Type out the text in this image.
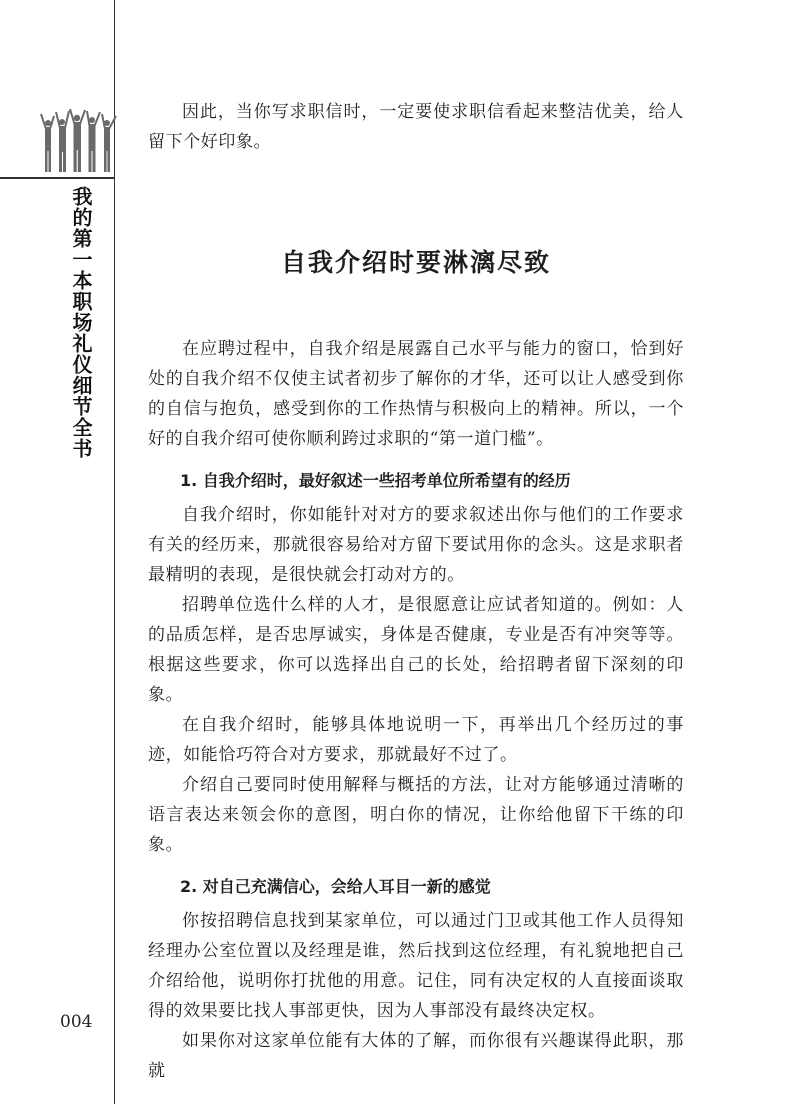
我的第一本职场礼仪细节全书
004

因此，当你写求职信时，一定要使求职信看起来整洁优美，给人留下个好印象。

自我介绍时要淋漓尽致

在应聘过程中，自我介绍是展露自己水平与能力的窗口，恰到好处的自我介绍不仅使主试者初步了解你的才华，还可以让人感受到你的自信与抱负，感受到你的工作热情与积极向上的精神。所以，一个好的自我介绍可使你顺利跨过求职的“第一道门槛”。

1. 自我介绍时，最好叙述一些招考单位所希望有的经历

自我介绍时，你如能针对对方的要求叙述出你与他们的工作要求有关的经历来，那就很容易给对方留下要试用你的念头。这是求职者最精明的表现，是很快就会打动对方的。

招聘单位选什么样的人才，是很愿意让应试者知道的。例如：人的品质怎样，是否忠厚诚实，身体是否健康，专业是否有冲突等等。根据这些要求，你可以选择出自己的长处，给招聘者留下深刻的印象。

在自我介绍时，能够具体地说明一下，再举出几个经历过的事迹，如能恰巧符合对方要求，那就最好不过了。

介绍自己要同时使用解释与概括的方法，让对方能够通过清晰的语言表达来领会你的意图，明白你的情况，让你给他留下干练的印象。

2. 对自己充满信心，会给人耳目一新的感觉

你按招聘信息找到某家单位，可以通过门卫或其他工作人员得知经理办公室位置以及经理是谁，然后找到这位经理，有礼貌地把自己介绍给他，说明你打扰他的用意。记住，同有决定权的人直接面谈取得的效果要比找人事部更快，因为人事部没有最终决定权。

如果你对这家单位能有大体的了解，而你很有兴趣谋得此职，那就
